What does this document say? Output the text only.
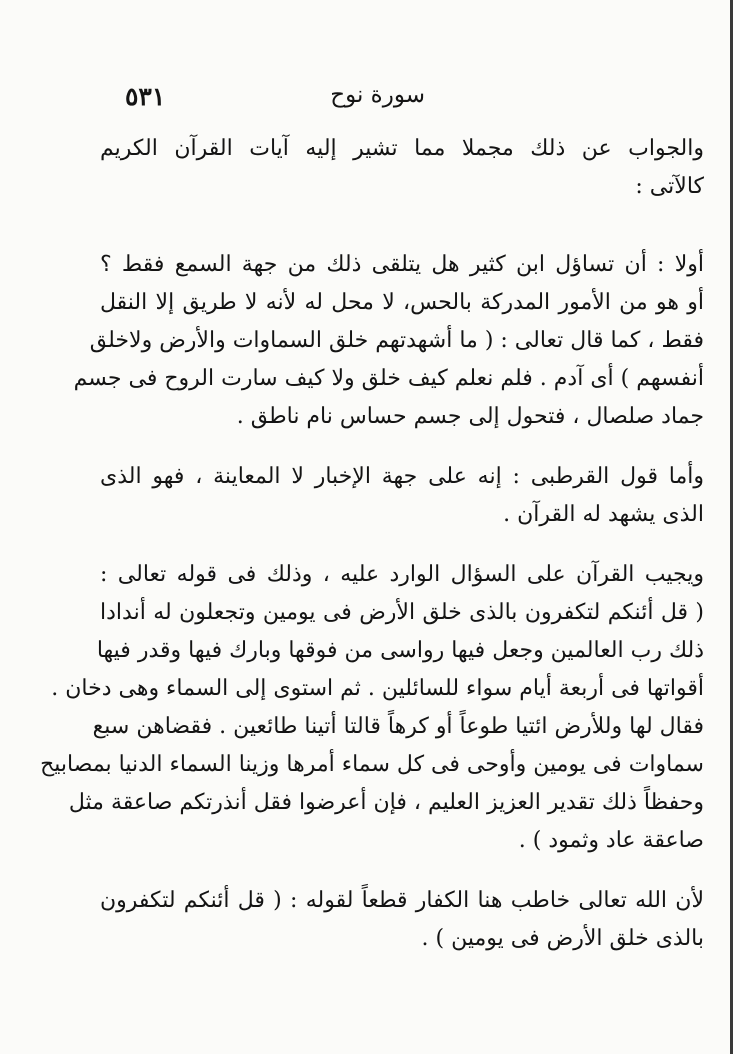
٥٣١	سورة نوح

والجواب عن ذلك مجملا مما تشير إليه آيات القرآن الكريم
كالآتى :

أولا : أن تساؤل ابن كثير هل يتلقى ذلك من جهة السمع فقط ؟
أو هو من الأمور المدركة بالحس، لا محل له لأنه لا طريق إلا النقل
فقط ، كما قال تعالى : ( ما أشهدتهم خلق السماوات والأرض ولاخلق
أنفسهم ) أى آدم . فلم نعلم كيف خلق ولا كيف سارت الروح فى جسم
جماد صلصال ، فتحول إلى جسم حساس نام ناطق .

وأما قول القرطبى : إنه على جهة الإخبار لا المعاينة ، فهو الذى
الذى يشهد له القرآن .

ويجيب القرآن على السؤال الوارد عليه ، وذلك فى قوله تعالى :
( قل أئنكم لتكفرون بالذى خلق الأرض فى يومين وتجعلون له أندادا
ذلك رب العالمين وجعل فيها رواسى من فوقها وبارك فيها وقدر فيها
أقواتها فى أربعة أيام سواء للسائلين . ثم استوى إلى السماء وهى دخان .
فقال لها وللأرض ائتيا طوعاً أو كرهاً قالتا أتينا طائعين . فقضاهن سبع
سماوات فى يومين وأوحى فى كل سماء أمرها وزينا السماء الدنيا بمصابيح
وحفظاً ذلك تقدير العزيز العليم ، فإن أعرضوا فقل أنذرتكم صاعقة مثل
صاعقة عاد وثمود ) .

لأن الله تعالى خاطب هنا الكفار قطعاً لقوله : ( قل أئنكم لتكفرون
بالذى خلق الأرض فى يومين ) .
